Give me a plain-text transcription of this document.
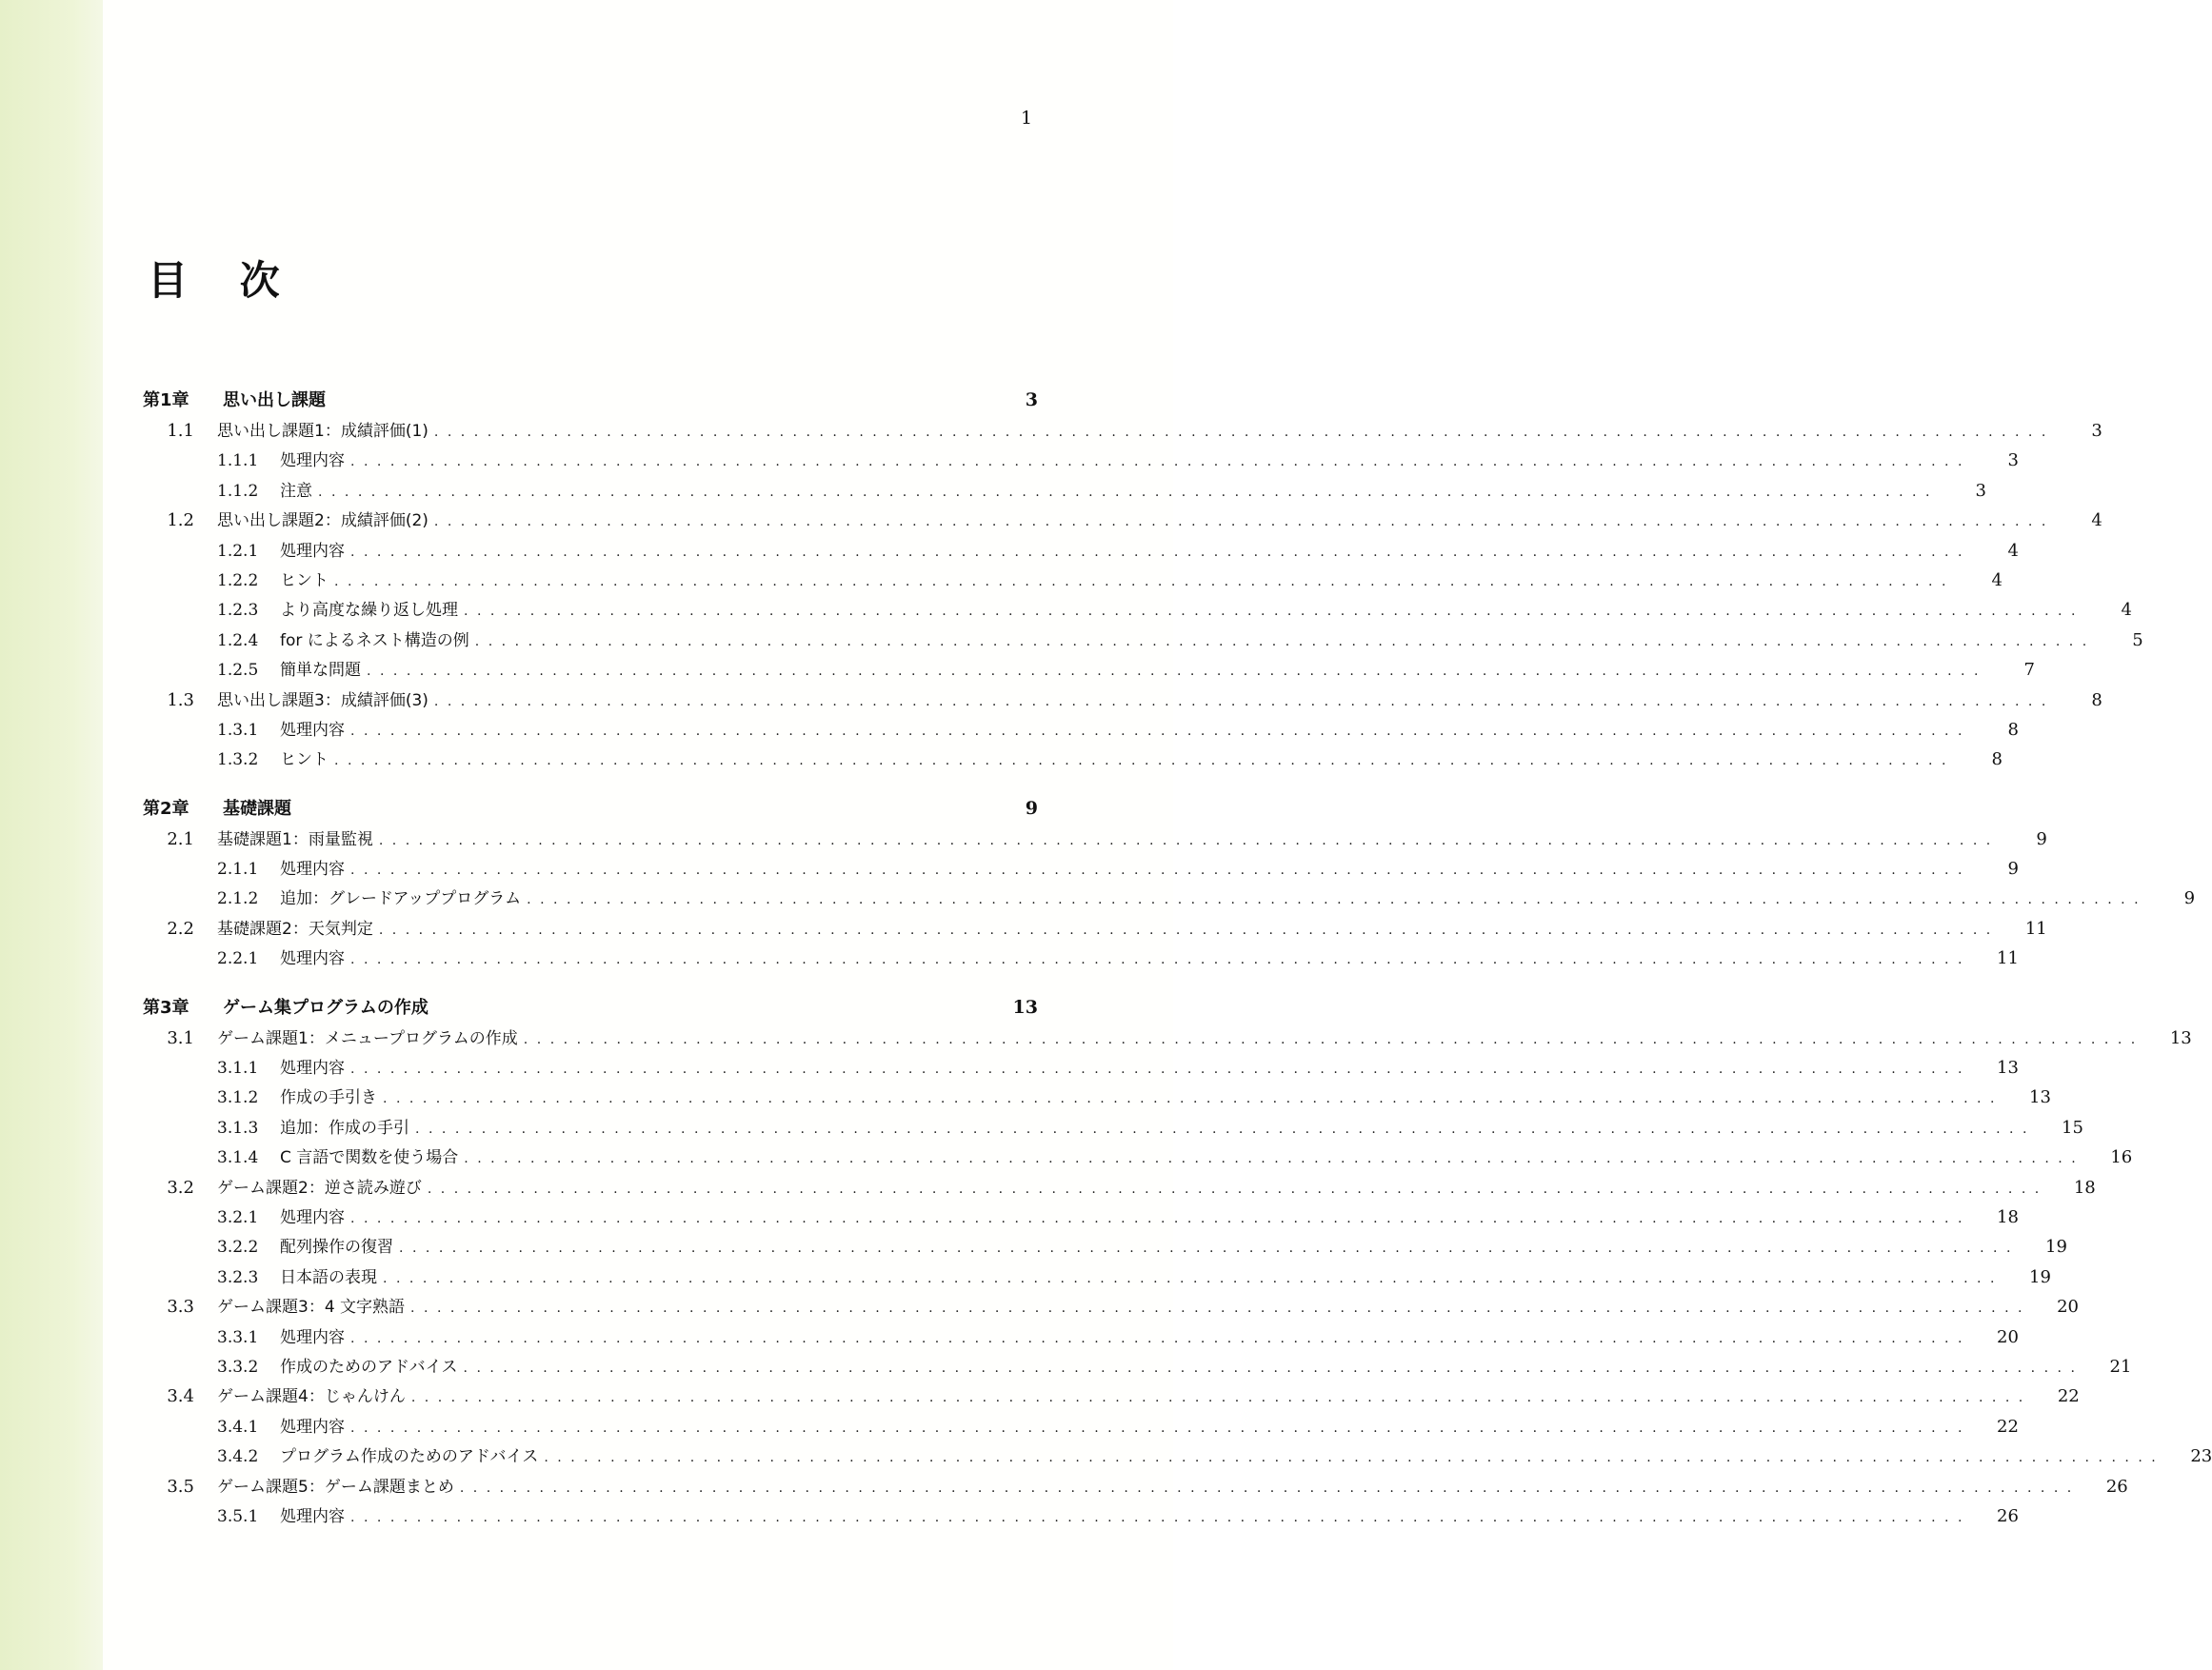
1
目 次
第1章	思い出し課題	3
1.1	思い出し課題1：成績評価(1) ..........................................................................................................................	3
1.1.1	処理内容 ..........................................................................................................................	3
1.1.2	注意 ..........................................................................................................................	3
1.2	思い出し課題2：成績評価(2) ..........................................................................................................................	4
1.2.1	処理内容 ..........................................................................................................................	4
1.2.2	ヒント ..........................................................................................................................	4
1.2.3	より高度な繰り返し処理 ..........................................................................................................................	4
1.2.4	for によるネスト構造の例 ..........................................................................................................................	5
1.2.5	簡単な問題 ..........................................................................................................................	7
1.3	思い出し課題3：成績評価(3) ..........................................................................................................................	8
1.3.1	処理内容 ..........................................................................................................................	8
1.3.2	ヒント ..........................................................................................................................	8
第2章	基礎課題	9
2.1	基礎課題1：雨量監視 ..........................................................................................................................	9
2.1.1	処理内容 ..........................................................................................................................	9
2.1.2	追加：グレードアッププログラム ..........................................................................................................................	9
2.2	基礎課題2：天気判定 ..........................................................................................................................	11
2.2.1	処理内容 ..........................................................................................................................	11
第3章	ゲーム集プログラムの作成	13
3.1	ゲーム課題1：メニュープログラムの作成 ..........................................................................................................................	13
3.1.1	処理内容 ..........................................................................................................................	13
3.1.2	作成の手引き ..........................................................................................................................	13
3.1.3	追加：作成の手引 ..........................................................................................................................	15
3.1.4	C 言語で関数を使う場合 ..........................................................................................................................	16
3.2	ゲーム課題2：逆さ読み遊び ..........................................................................................................................	18
3.2.1	処理内容 ..........................................................................................................................	18
3.2.2	配列操作の復習 ..........................................................................................................................	19
3.2.3	日本語の表現 ..........................................................................................................................	19
3.3	ゲーム課題3：4 文字熟語 ..........................................................................................................................	20
3.3.1	処理内容 ..........................................................................................................................	20
3.3.2	作成のためのアドバイス ..........................................................................................................................	21
3.4	ゲーム課題4：じゃんけん ..........................................................................................................................	22
3.4.1	処理内容 ..........................................................................................................................	22
3.4.2	プログラム作成のためのアドバイス ..........................................................................................................................	23
3.5	ゲーム課題5：ゲーム課題まとめ ..........................................................................................................................	26
3.5.1	処理内容 ..........................................................................................................................	26
